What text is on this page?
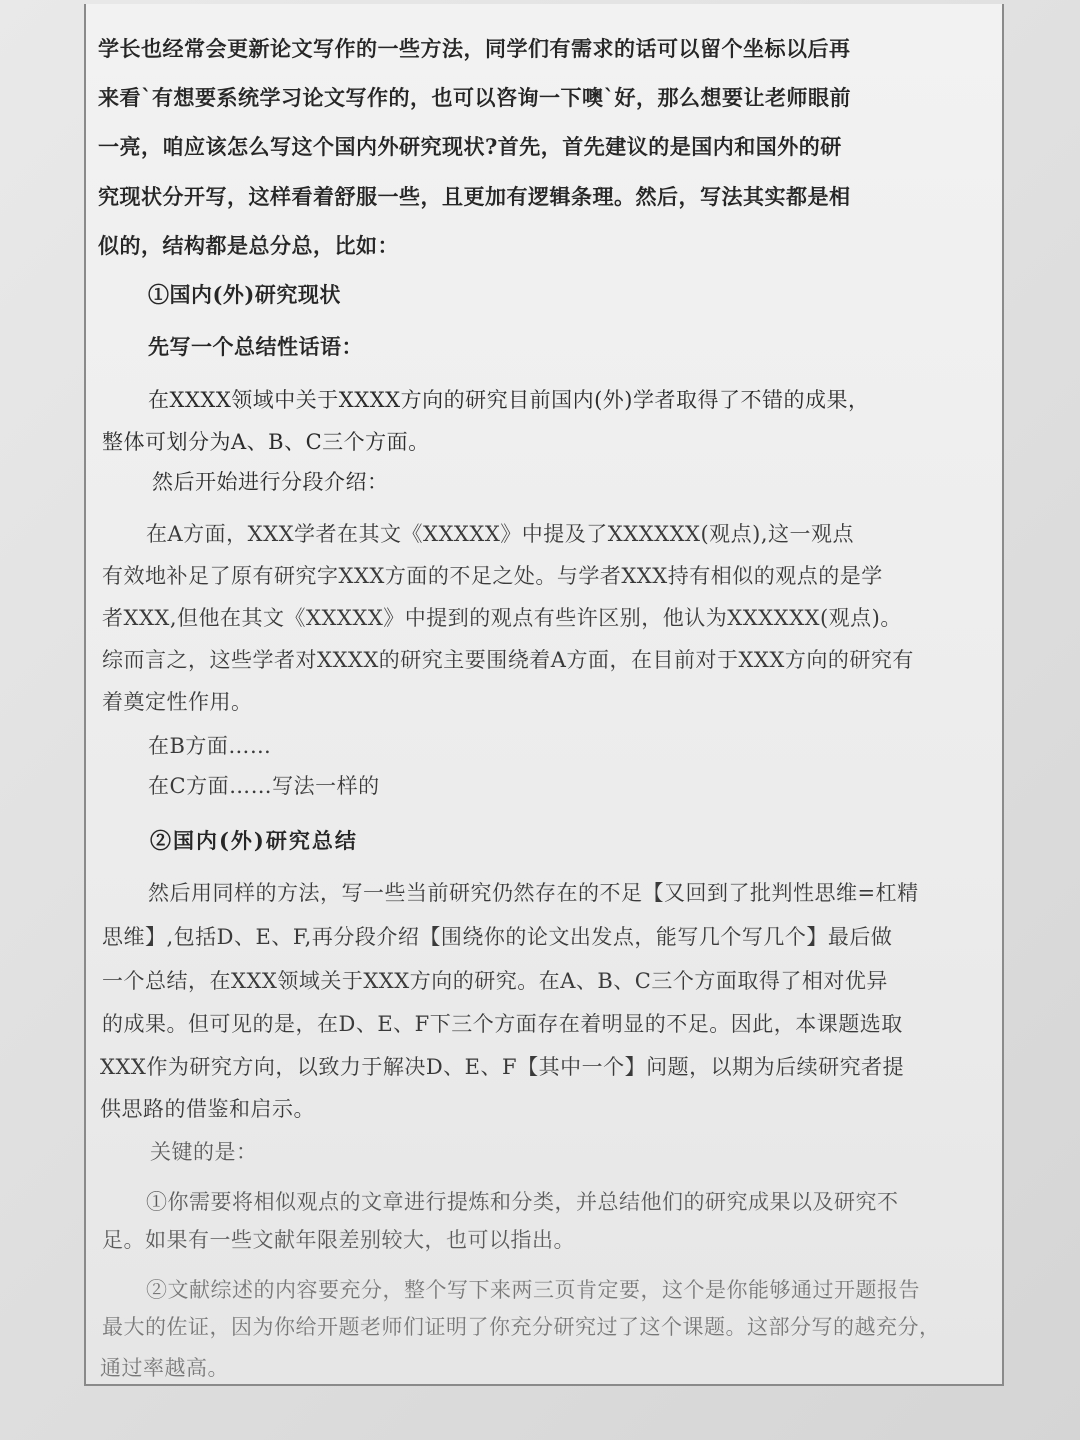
学长也经常会更新论文写作的一些方法，同学们有需求的话可以留个坐标以后再
来看`有想要系统学习论文写作的，也可以咨询一下噢`好，那么想要让老师眼前
一亮，咱应该怎么写这个国内外研究现状?首先，首先建议的是国内和国外的研
究现状分开写，这样看着舒服一些，且更加有逻辑条理。然后，写法其实都是相
似的，结构都是总分总，比如：
①国内(外)研究现状
先写一个总结性话语：
在XXXX领域中关于XXXX方向的研究目前国内(外)学者取得了不错的成果，
整体可划分为A、B、C三个方面。
然后开始进行分段介绍：
在A方面，XXX学者在其文《XXXXX》中提及了XXXXXX(观点),这一观点
有效地补足了原有研究字XXX方面的不足之处。与学者XXX持有相似的观点的是学
者XXX,但他在其文《XXXXX》中提到的观点有些许区别，他认为XXXXXX(观点)。
综而言之，这些学者对XXXX的研究主要围绕着A方面，在目前对于XXX方向的研究有
着奠定性作用。
在B方面……
在C方面……写法一样的
②国内(外)研究总结
然后用同样的方法，写一些当前研究仍然存在的不足【又回到了批判性思维=杠精
思维】,包括D、E、F,再分段介绍【围绕你的论文出发点，能写几个写几个】最后做
一个总结，在XXX领域关于XXX方向的研究。在A、B、C三个方面取得了相对优异
的成果。但可见的是，在D、E、F下三个方面存在着明显的不足。因此，本课题选取
XXX作为研究方向，以致力于解决D、E、F【其中一个】问题，以期为后续研究者提
供思路的借鉴和启示。
关键的是：
①你需要将相似观点的文章进行提炼和分类，并总结他们的研究成果以及研究不
足。如果有一些文献年限差别较大，也可以指出。
②文献综述的内容要充分，整个写下来两三页肯定要，这个是你能够通过开题报告
最大的佐证，因为你给开题老师们证明了你充分研究过了这个课题。这部分写的越充分，
通过率越高。
